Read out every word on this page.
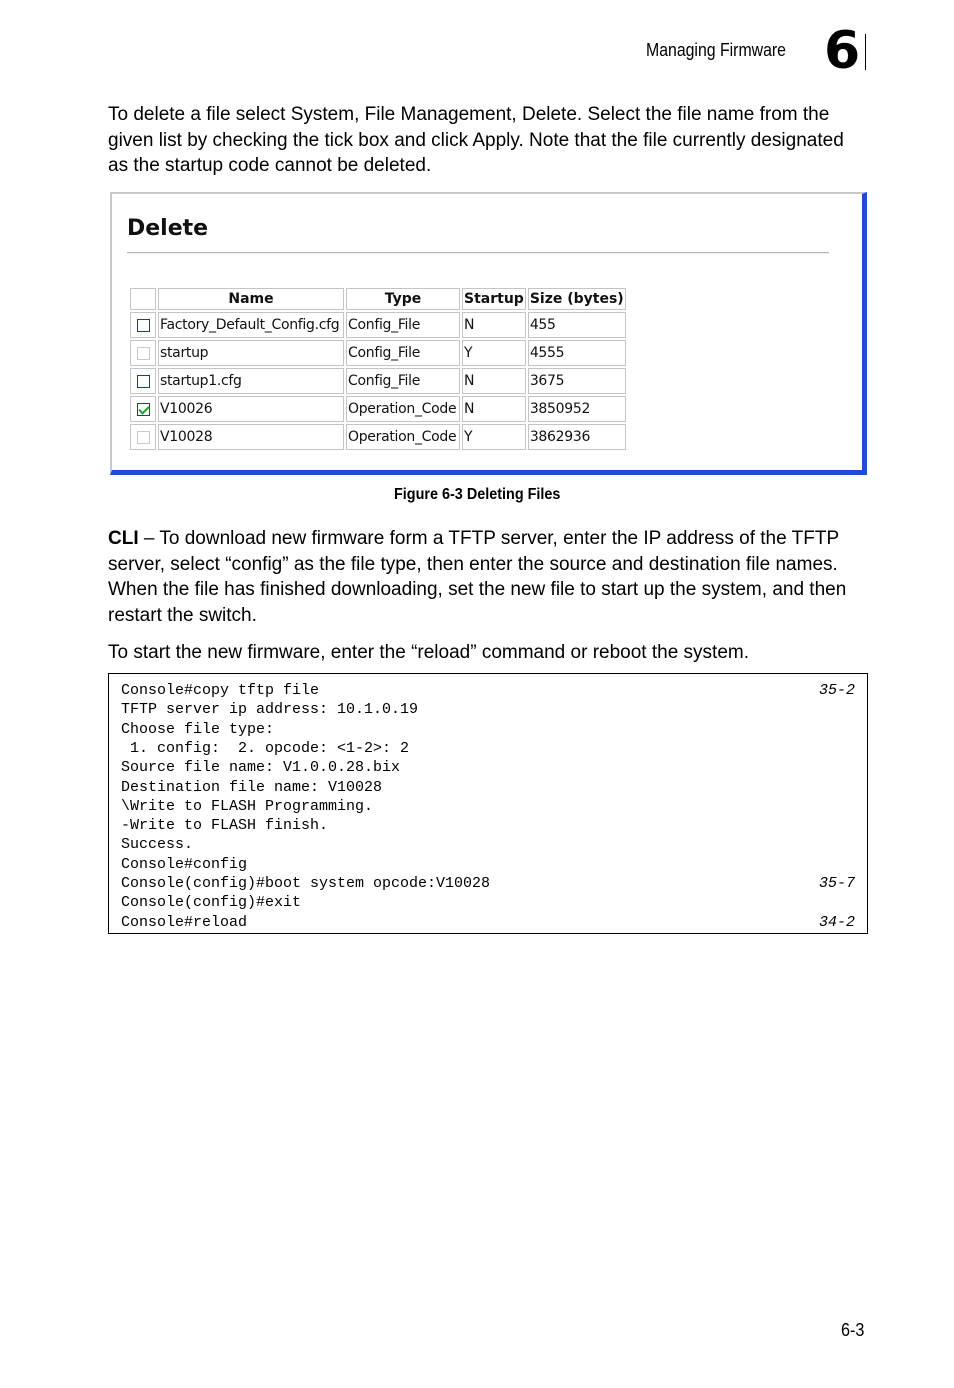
Managing Firmware 6

To delete a file select System, File Management, Delete. Select the file name from the given list by checking the tick box and click Apply. Note that the file currently designated as the startup code cannot be deleted.

Delete
	Name	Type	Startup	Size (bytes)
	Factory_Default_Config.cfg	Config_File	N	455
	startup	Config_File	Y	4555
	startup1.cfg	Config_File	N	3675
	V10026	Operation_Code	N	3850952
	V10028	Operation_Code	Y	3862936
Figure 6-3 Deleting Files

CLI – To download new firmware form a TFTP server, enter the IP address of the TFTP server, select “config” as the file type, then enter the source and destination file names. When the file has finished downloading, set the new file to start up the system, and then restart the switch.

To start the new firmware, enter the “reload” command or reboot the system.

Console#copy tftp file	35-2
TFTP server ip address: 10.1.0.19
Choose file type:
1. config:  2. opcode: <1-2>: 2
Source file name: V1.0.0.28.bix
Destination file name: V10028
\Write to FLASH Programming.
-Write to FLASH finish.
Success.
Console#config
Console(config)#boot system opcode:V10028	35-7
Console(config)#exit
Console#reload	34-2
6-3
